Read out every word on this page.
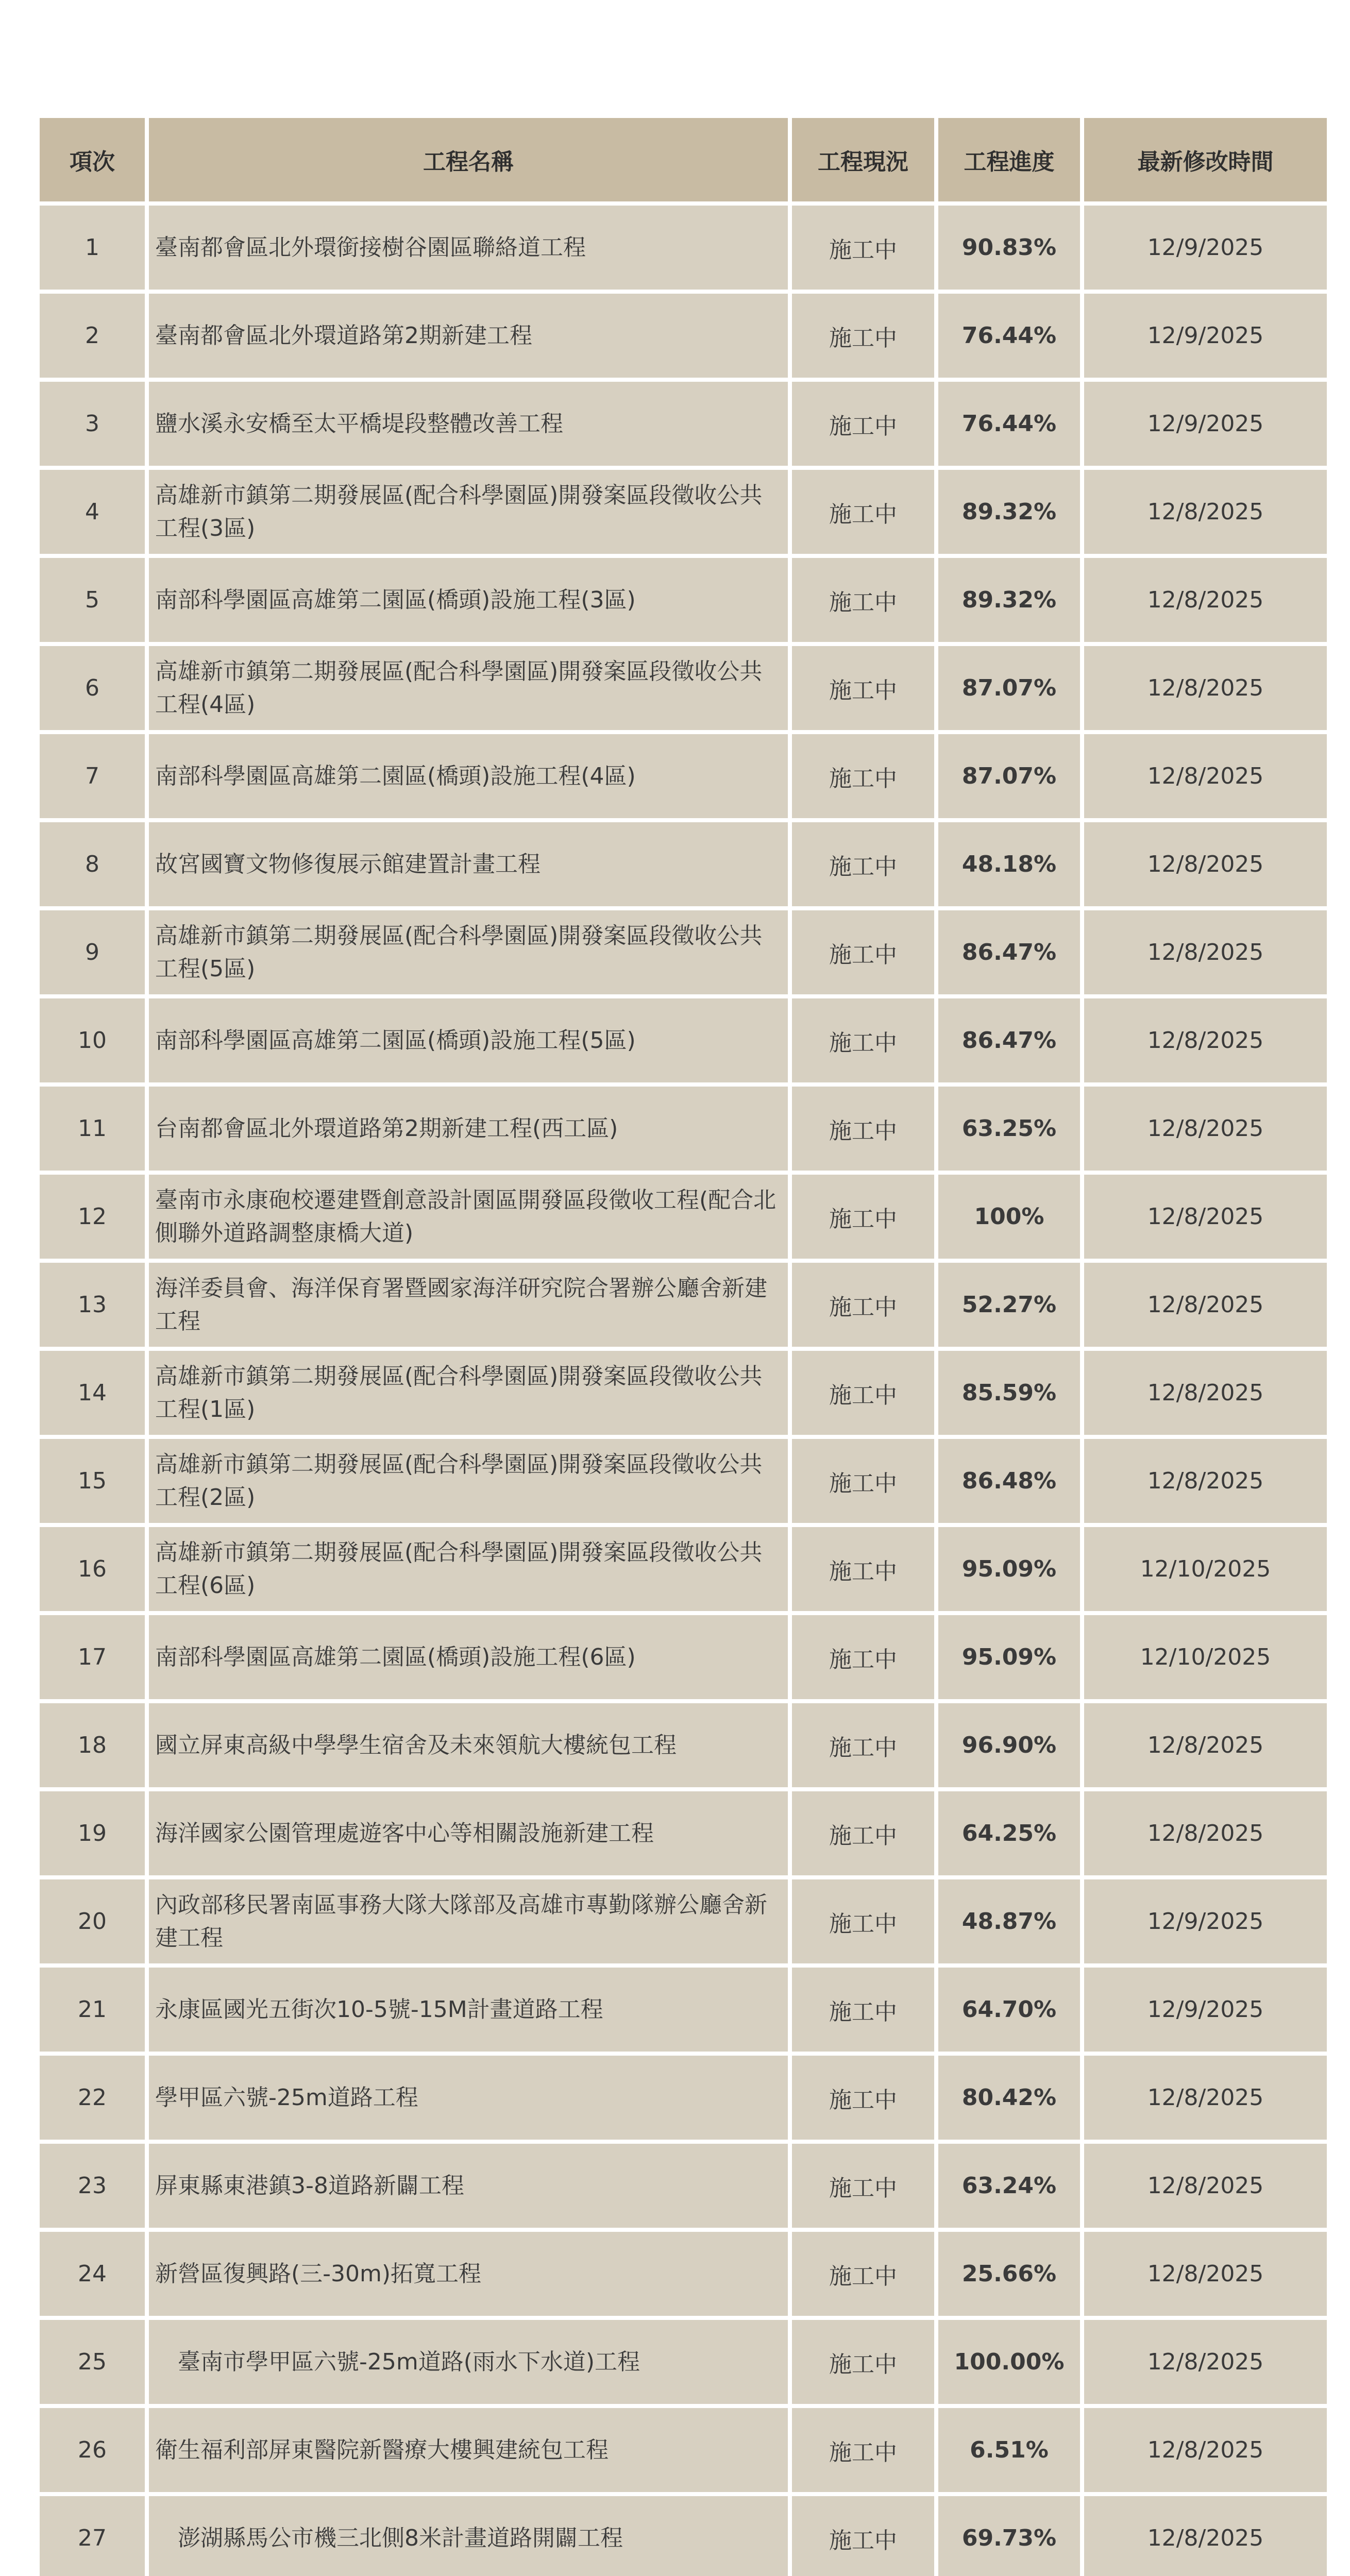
項次	工程名稱	工程現況	工程進度	最新修改時間
1	臺南都會區北外環銜接樹谷園區聯絡道工程	施工中	90.83%	12/9/2025
2	臺南都會區北外環道路第2期新建工程	施工中	76.44%	12/9/2025
3	鹽水溪永安橋至太平橋堤段整體改善工程	施工中	76.44%	12/9/2025
4	高雄新市鎮第二期發展區(配合科學園區)開發案區段徵收公共工程(3區)	施工中	89.32%	12/8/2025
5	南部科學園區高雄第二園區(橋頭)設施工程(3區)	施工中	89.32%	12/8/2025
6	高雄新市鎮第二期發展區(配合科學園區)開發案區段徵收公共工程(4區)	施工中	87.07%	12/8/2025
7	南部科學園區高雄第二園區(橋頭)設施工程(4區)	施工中	87.07%	12/8/2025
8	故宮國寶文物修復展示館建置計畫工程	施工中	48.18%	12/8/2025
9	高雄新市鎮第二期發展區(配合科學園區)開發案區段徵收公共工程(5區)	施工中	86.47%	12/8/2025
10	南部科學園區高雄第二園區(橋頭)設施工程(5區)	施工中	86.47%	12/8/2025
11	台南都會區北外環道路第2期新建工程(西工區)	施工中	63.25%	12/8/2025
12	臺南市永康砲校遷建暨創意設計園區開發區段徵收工程(配合北側聯外道路調整康橋大道)	施工中	100%	12/8/2025
13	海洋委員會、海洋保育署暨國家海洋研究院合署辦公廳舍新建工程	施工中	52.27%	12/8/2025
14	高雄新市鎮第二期發展區(配合科學園區)開發案區段徵收公共工程(1區)	施工中	85.59%	12/8/2025
15	高雄新市鎮第二期發展區(配合科學園區)開發案區段徵收公共工程(2區)	施工中	86.48%	12/8/2025
16	高雄新市鎮第二期發展區(配合科學園區)開發案區段徵收公共工程(6區)	施工中	95.09%	12/10/2025
17	南部科學園區高雄第二園區(橋頭)設施工程(6區)	施工中	95.09%	12/10/2025
18	國立屏東高級中學學生宿舍及未來領航大樓統包工程	施工中	96.90%	12/8/2025
19	海洋國家公園管理處遊客中心等相關設施新建工程	施工中	64.25%	12/8/2025
20	內政部移民署南區事務大隊大隊部及高雄市專勤隊辦公廳舍新建工程	施工中	48.87%	12/9/2025
21	永康區國光五街次10-5號-15M計畫道路工程	施工中	64.70%	12/9/2025
22	學甲區六號-25m道路工程	施工中	80.42%	12/8/2025
23	屏東縣東港鎮3-8道路新闢工程	施工中	63.24%	12/8/2025
24	新營區復興路(三-30m)拓寬工程	施工中	25.66%	12/8/2025
25	　臺南市學甲區六號-25m道路(雨水下水道)工程	施工中	100.00%	12/8/2025
26	衛生福利部屏東醫院新醫療大樓興建統包工程	施工中	6.51%	12/8/2025
27	　澎湖縣馬公市機三北側8米計畫道路開闢工程	施工中	69.73%	12/8/2025
